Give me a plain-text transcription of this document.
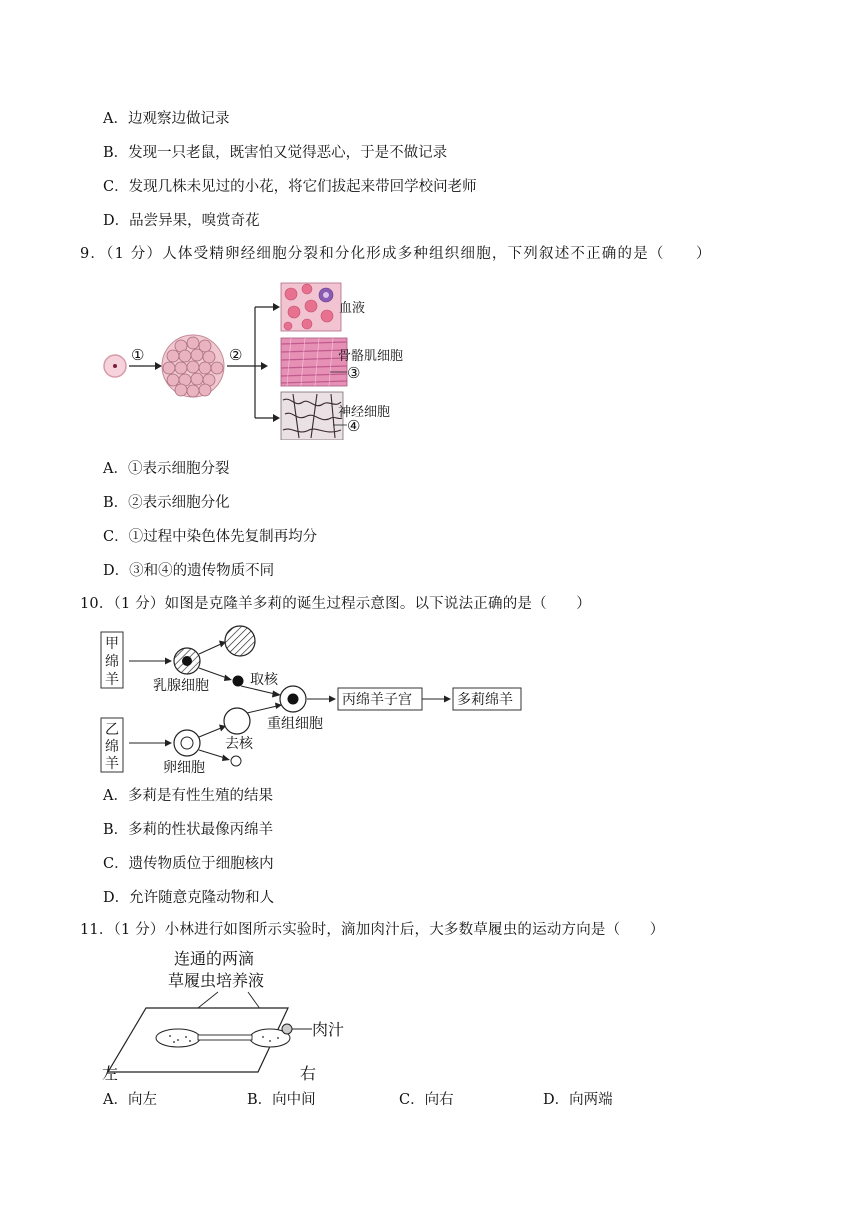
A．边观察边做记录
B．发现一只老鼠，既害怕又觉得恶心，于是不做记录
C．发现几株未见过的小花，将它们拔起来带回学校问老师
D．品尝异果，嗅赏奇花
9．（1 分）人体受精卵经细胞分裂和分化形成多种组织细胞，下列叙述不正确的是（　　）
①	②
血液
骨骼肌细胞
③
神经细胞
④
A．①表示细胞分裂
B．②表示细胞分化
C．①过程中染色体先复制再均分
D．③和④的遗传物质不同
10．（1 分）如图是克隆羊多莉的诞生过程示意图。以下说法正确的是（　　）
甲
绵
羊 乳腺细胞	取核
重组细胞
丙绵羊子宫	多莉绵羊
乙
绵
羊	卵细胞
去核
A．多莉是有性生殖的结果
B．多莉的性状最像丙绵羊
C．遗传物质位于细胞核内
D．允许随意克隆动物和人
11．（1 分）小林进行如图所示实验时，滴加肉汁后，大多数草履虫的运动方向是（　　）
连通的两滴
草履虫培养液
肉汁
左	右
A．向左	B．向中间	C．向右	D．向两端
